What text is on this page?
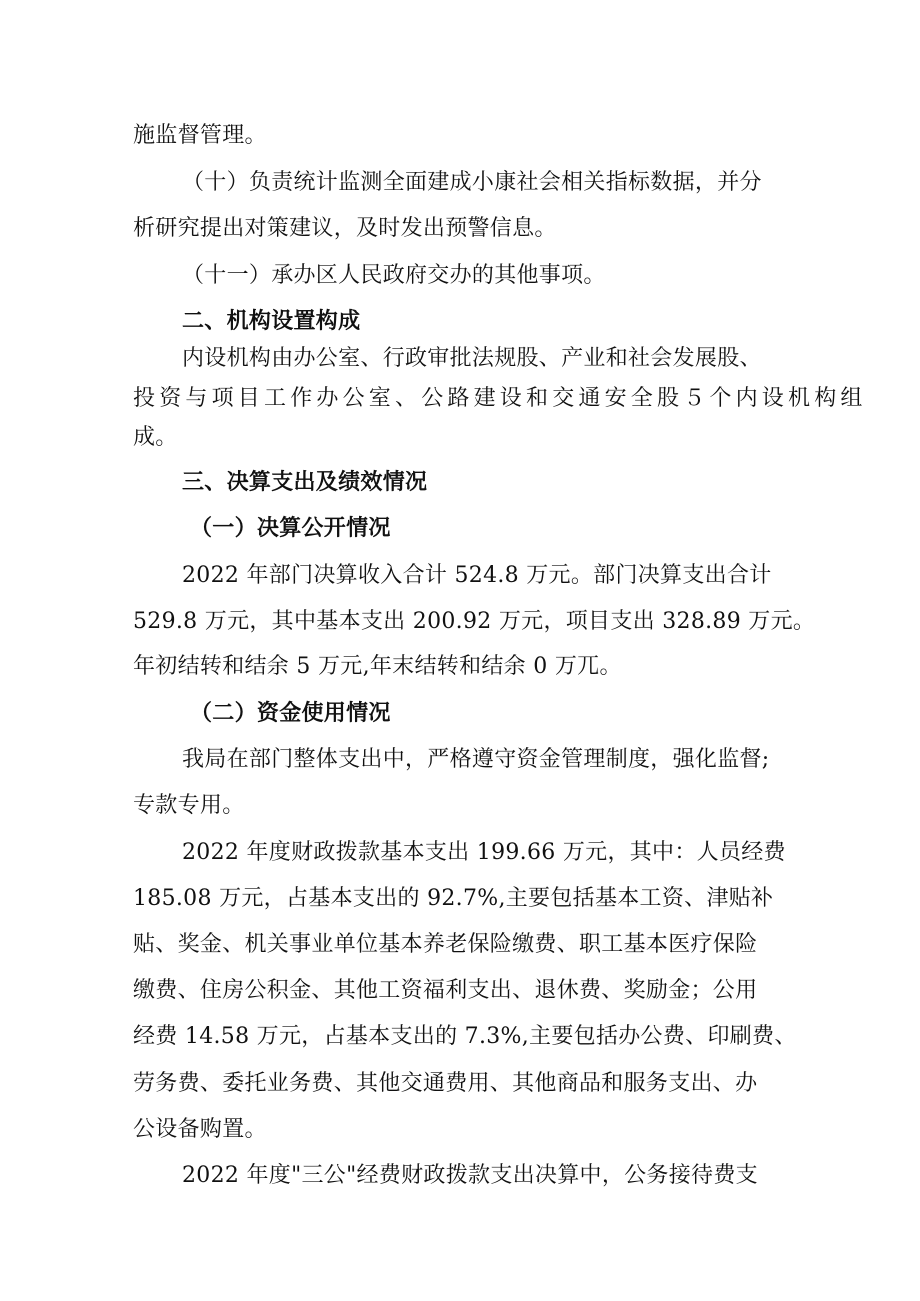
施监督管理。
（十）负责统计监测全面建成小康社会相关指标数据，并分
析研究提出对策建议，及时发出预警信息。
（十一）承办区人民政府交办的其他事项。
二、机构设置构成
内设机构由办公室、行政审批法规股、产业和社会发展股、
投资与项目工作办公室、公路建设和交通安全股５个内设机构组
成。
三、决算支出及绩效情况
（一）决算公开情况
2022 年部门决算收入合计 524.8 万元。部门决算支出合计
529.8 万元，其中基本支出 200.92 万元，项目支出 328.89 万元。
年初结转和结余 5 万元,年末结转和结余 0 万兀。
（二）资金使用情况
我局在部门整体支出中，严格遵守资金管理制度，强化监督;
专款专用。
2022 年度财政拨款基本支出 199.66 万元，其中：人员经费
185.08 万元，占基本支出的 92.7%,主要包括基本工资、津贴补
贴、奖金、机关事业单位基本养老保险缴费、职工基本医疗保险
缴费、住房公积金、其他工资福利支出、退休费、奖励金；公用
经费 14.58 万元，占基本支出的 7.3%,主要包括办公费、印刷费、
劳务费、委托业务费、其他交通费用、其他商品和服务支出、办
公设备购置。
2022 年度"三公"经费财政拨款支出决算中，公务接待费支
